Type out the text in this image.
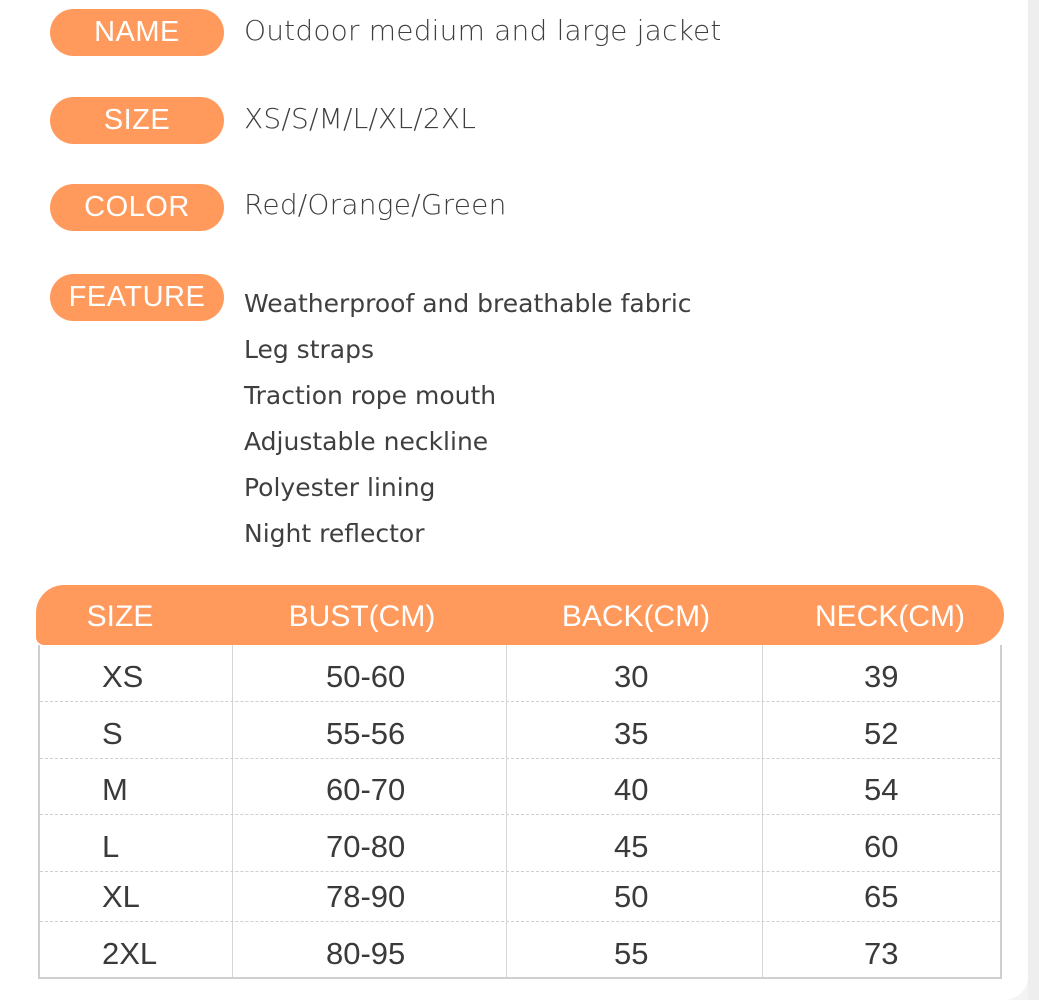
NAME	Outdoor medium and large jacket
SIZE	XS/S/M/L/XL/2XL
COLOR	Red/Orange/Green
FEATURE	Weatherproof and breathable fabric
Leg straps
Traction rope mouth
Adjustable neckline
Polyester lining
Night reflector
SIZE	BUST(CM)	BACK(CM)	NECK(CM)
XS	50-60	30	39
S	55-56	35	52
M	60-70	40	54
L	70-80	45	60
XL	78-90	50	65
2XL	80-95	55	73
